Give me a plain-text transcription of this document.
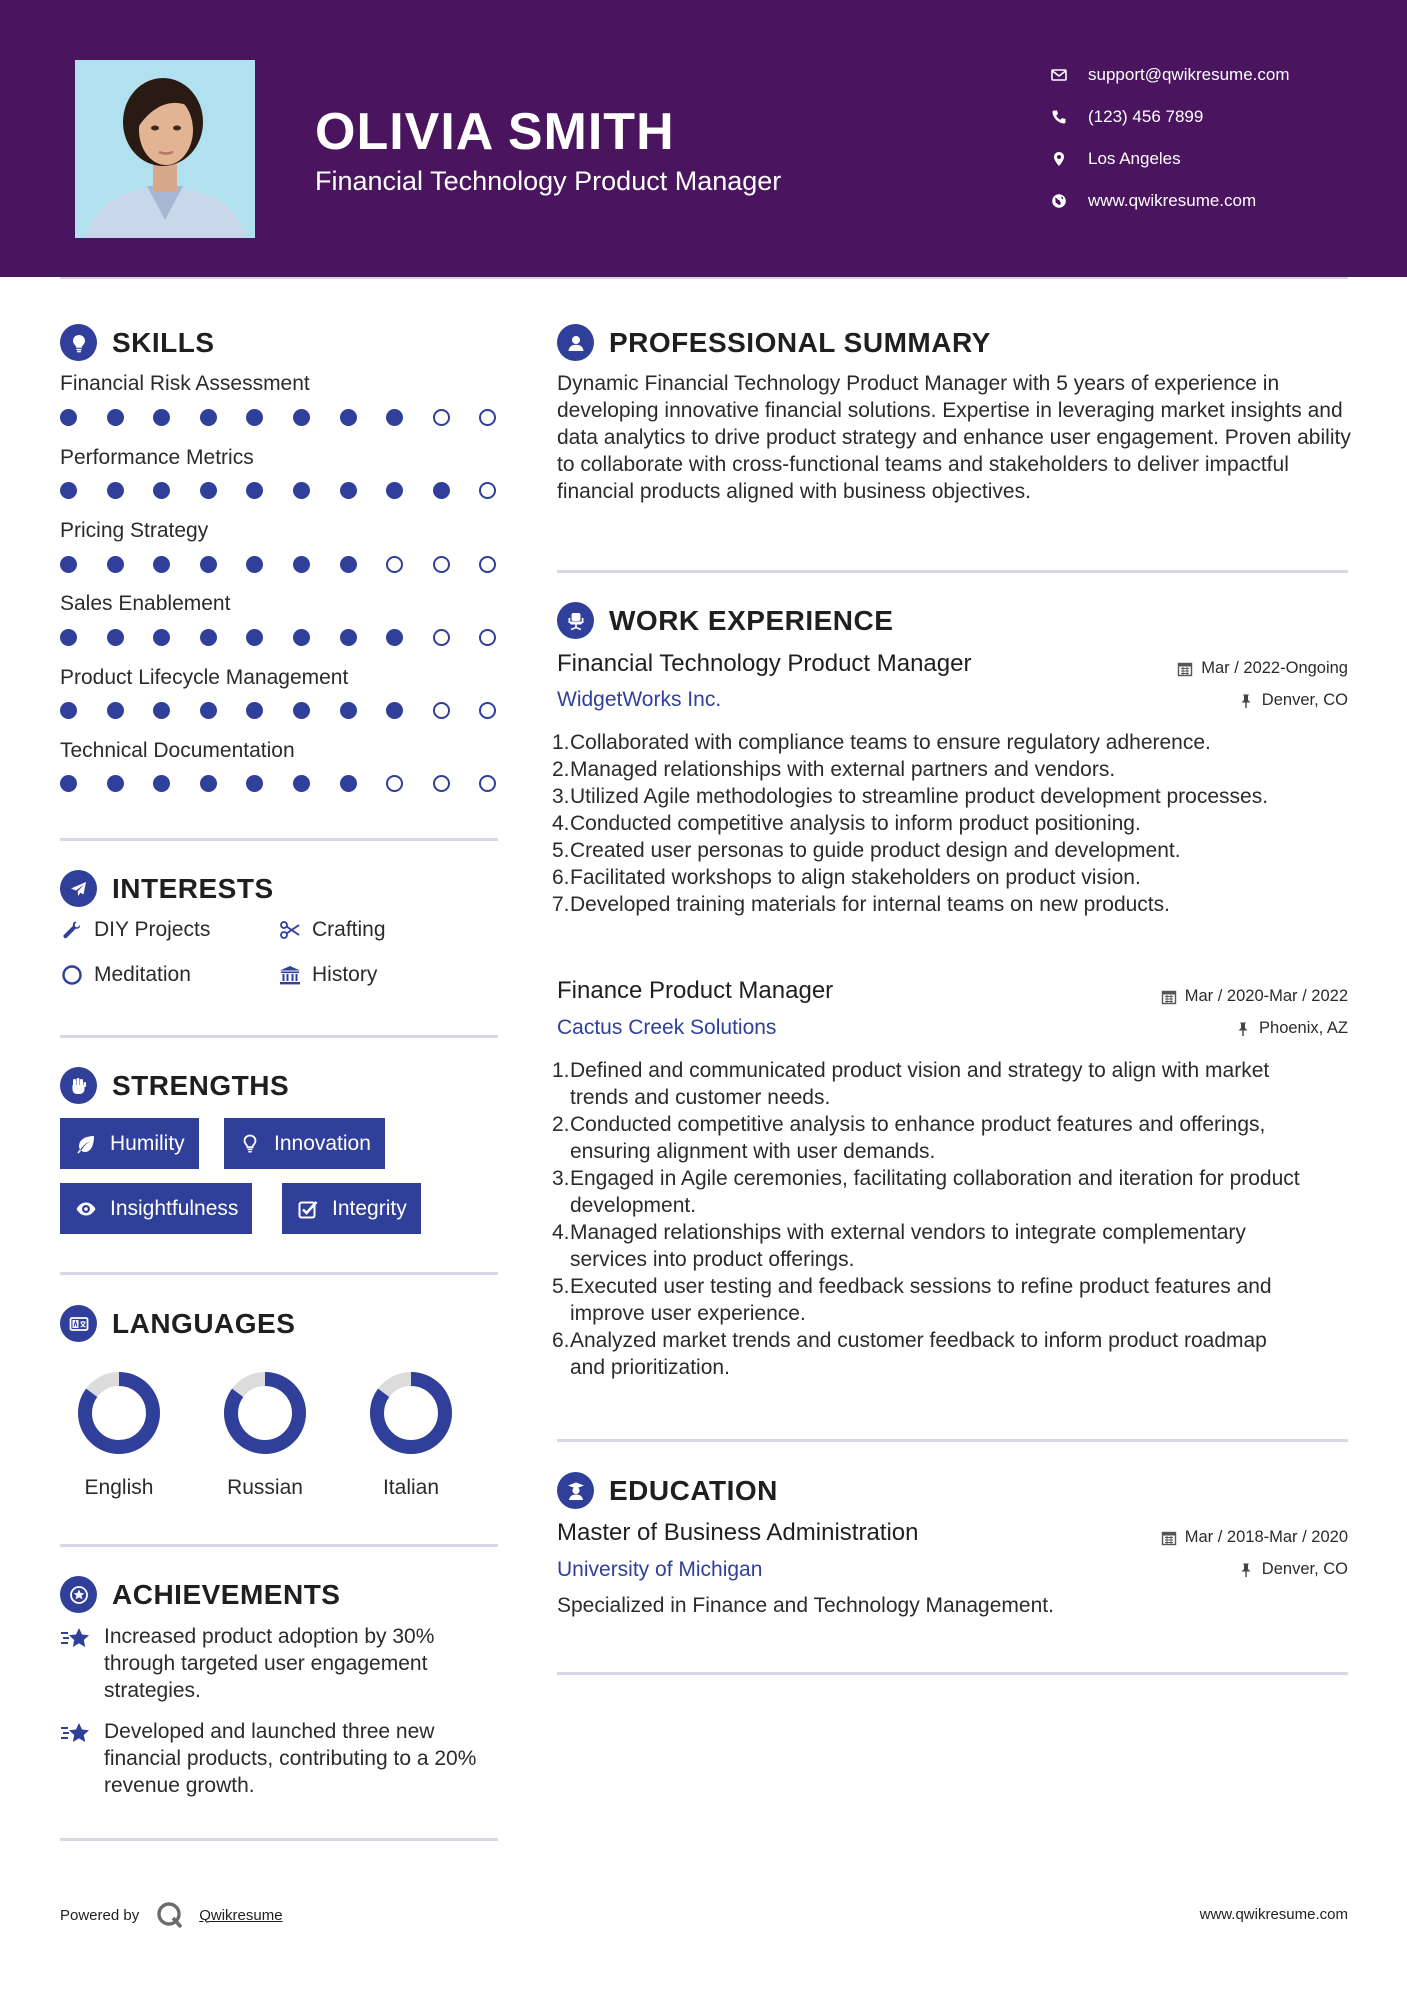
OLIVIA SMITH
Financial Technology Product Manager
support@qwikresume.com
(123) 456 7899
Los Angeles
www.qwikresume.com
SKILLS
Financial Risk Assessment
Performance Metrics
Pricing Strategy
Sales Enablement
Product Lifecycle Management
Technical Documentation
INTERESTS
DIY Projects	Crafting
Meditation	History
STRENGTHS
Humility	Innovation
Insightfulness	Integrity
LANGUAGES
English	Russian	Italian
ACHIEVEMENTS
Increased product adoption by 30% through targeted user engagement strategies.
Developed and launched three new financial products, contributing to a 20% revenue growth.
PROFESSIONAL SUMMARY
Dynamic Financial Technology Product Manager with 5 years of experience in developing innovative financial solutions. Expertise in leveraging market insights and data analytics to drive product strategy and enhance user engagement. Proven ability to collaborate with cross-functional teams and stakeholders to deliver impactful financial products aligned with business objectives.
WORK EXPERIENCE
Financial Technology Product Manager	Mar / 2022-Ongoing
WidgetWorks Inc.	Denver, CO
1. Collaborated with compliance teams to ensure regulatory adherence.
2. Managed relationships with external partners and vendors.
3. Utilized Agile methodologies to streamline product development processes.
4. Conducted competitive analysis to inform product positioning.
5. Created user personas to guide product design and development.
6. Facilitated workshops to align stakeholders on product vision.
7. Developed training materials for internal teams on new products.
Finance Product Manager	Mar / 2020-Mar / 2022
Cactus Creek Solutions	Phoenix, AZ
1. Defined and communicated product vision and strategy to align with market trends and customer needs.
2. Conducted competitive analysis to enhance product features and offerings, ensuring alignment with user demands.
3. Engaged in Agile ceremonies, facilitating collaboration and iteration for product development.
4. Managed relationships with external vendors to integrate complementary services into product offerings.
5. Executed user testing and feedback sessions to refine product features and improve user experience.
6. Analyzed market trends and customer feedback to inform product roadmap and prioritization.
EDUCATION
Master of Business Administration	Mar / 2018-Mar / 2020
University of Michigan	Denver, CO
Specialized in Finance and Technology Management.
Powered by	Qwikresume	www.qwikresume.com
